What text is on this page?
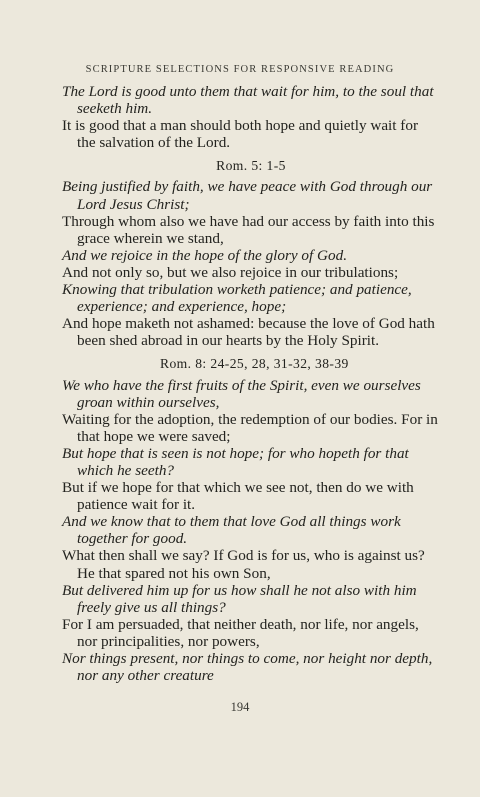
SCRIPTURE SELECTIONS FOR RESPONSIVE READING

The Lord is good unto them that wait for him, to the soul that seeketh him.

It is good that a man should both hope and quietly wait for the salvation of the Lord.

Rom. 5: 1-5

Being justified by faith, we have peace with God through our Lord Jesus Christ;

Through whom also we have had our access by faith into this grace wherein we stand,

And we rejoice in the hope of the glory of God.

And not only so, but we also rejoice in our tribulations;

Knowing that tribulation worketh patience; and patience, experience; and experience, hope;

And hope maketh not ashamed: because the love of God hath been shed abroad in our hearts by the Holy Spirit.

Rom. 8: 24-25, 28, 31-32, 38-39

We who have the first fruits of the Spirit, even we ourselves groan within ourselves,

Waiting for the adoption, the redemption of our bodies. For in that hope we were saved;

But hope that is seen is not hope; for who hopeth for that which he seeth?

But if we hope for that which we see not, then do we with patience wait for it.

And we know that to them that love God all things work together for good.

What then shall we say? If God is for us, who is against us? He that spared not his own Son,

But delivered him up for us how shall he not also with him freely give us all things?

For I am persuaded, that neither death, nor life, nor angels, nor principalities, nor powers,

Nor things present, nor things to come, nor height nor depth, nor any other creature

194
